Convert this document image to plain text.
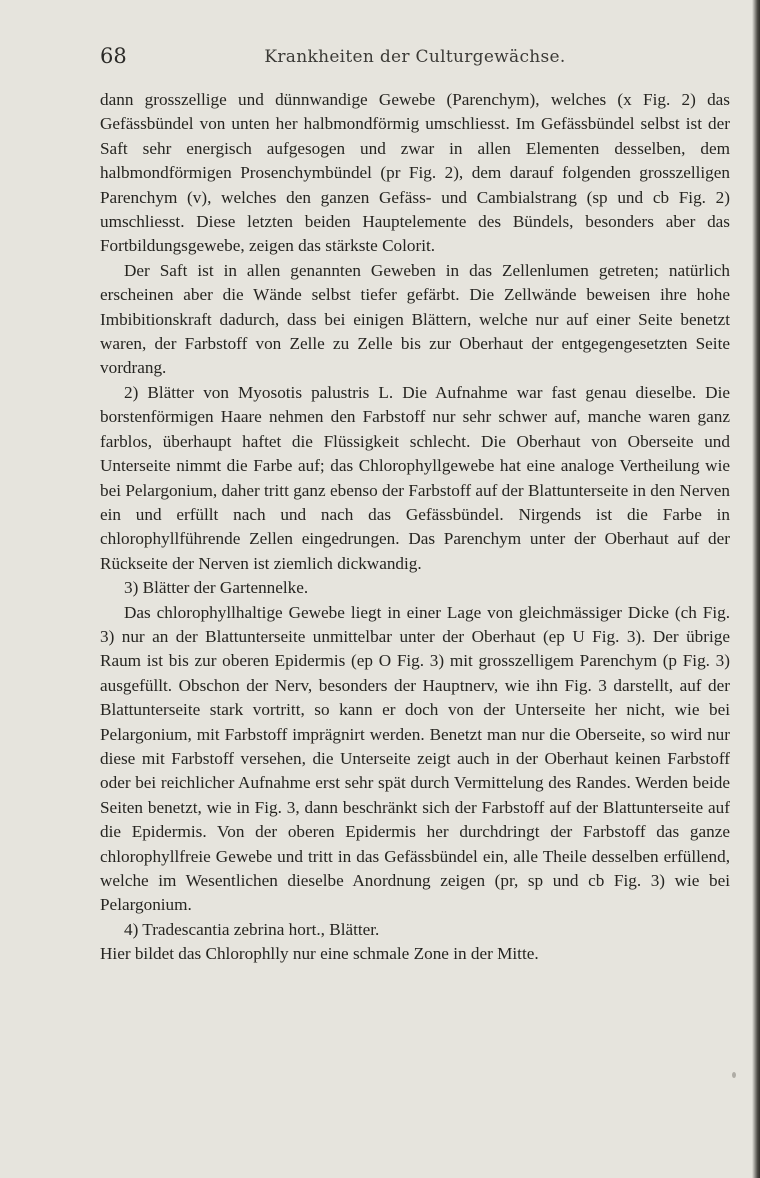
68	Krankheiten der Culturgewächse.

dann grosszellige und dünnwandige Gewebe (Parenchym), welches (x Fig. 2) das Gefässbündel von unten her halbmondförmig umschliesst. Im Gefässbündel selbst ist der Saft sehr energisch aufgesogen und zwar in allen Elementen desselben, dem halbmondförmigen Prosenchymbündel (pr Fig. 2), dem darauf folgenden grosszelligen Parenchym (v), welches den ganzen Gefäss- und Cambialstrang (sp und cb Fig. 2) umschliesst. Diese letzten beiden Hauptelemente des Bündels, besonders aber das Fortbildungsgewebe, zeigen das stärkste Colorit.

Der Saft ist in allen genannten Geweben in das Zellenlumen getreten; natürlich erscheinen aber die Wände selbst tiefer gefärbt. Die Zellwände beweisen ihre hohe Imbibitionskraft dadurch, dass bei einigen Blättern, welche nur auf einer Seite benetzt waren, der Farbstoff von Zelle zu Zelle bis zur Oberhaut der entgegengesetzten Seite vordrang.

2) Blätter von Myosotis palustris L. Die Aufnahme war fast genau dieselbe. Die borstenförmigen Haare nehmen den Farbstoff nur sehr schwer auf, manche waren ganz farblos, überhaupt haftet die Flüssigkeit schlecht. Die Oberhaut von Oberseite und Unterseite nimmt die Farbe auf; das Chlorophyllgewebe hat eine analoge Vertheilung wie bei Pelargonium, daher tritt ganz ebenso der Farbstoff auf der Blattunterseite in den Nerven ein und erfüllt nach und nach das Gefässbündel. Nirgends ist die Farbe in chlorophyllführende Zellen eingedrungen. Das Parenchym unter der Oberhaut auf der Rückseite der Nerven ist ziemlich dickwandig.

3) Blätter der Gartennelke.

Das chlorophyllhaltige Gewebe liegt in einer Lage von gleichmässiger Dicke (ch Fig. 3) nur an der Blattunterseite unmittelbar unter der Oberhaut (ep U Fig. 3). Der übrige Raum ist bis zur oberen Epidermis (ep O Fig. 3) mit grosszelligem Parenchym (p Fig. 3) ausgefüllt. Obschon der Nerv, besonders der Hauptnerv, wie ihn Fig. 3 darstellt, auf der Blattunterseite stark vortritt, so kann er doch von der Unterseite her nicht, wie bei Pelargonium, mit Farbstoff imprägnirt werden. Benetzt man nur die Oberseite, so wird nur diese mit Farbstoff versehen, die Unterseite zeigt auch in der Oberhaut keinen Farbstoff oder bei reichlicher Aufnahme erst sehr spät durch Vermittelung des Randes. Werden beide Seiten benetzt, wie in Fig. 3, dann beschränkt sich der Farbstoff auf der Blattunterseite auf die Epidermis. Von der oberen Epidermis her durchdringt der Farbstoff das ganze chlorophyllfreie Gewebe und tritt in das Gefässbündel ein, alle Theile desselben erfüllend, welche im Wesentlichen dieselbe Anordnung zeigen (pr, sp und cb Fig. 3) wie bei Pelargonium.

4) Tradescantia zebrina hort., Blätter.

Hier bildet das Chlorophlly nur eine schmale Zone in der Mitte.
